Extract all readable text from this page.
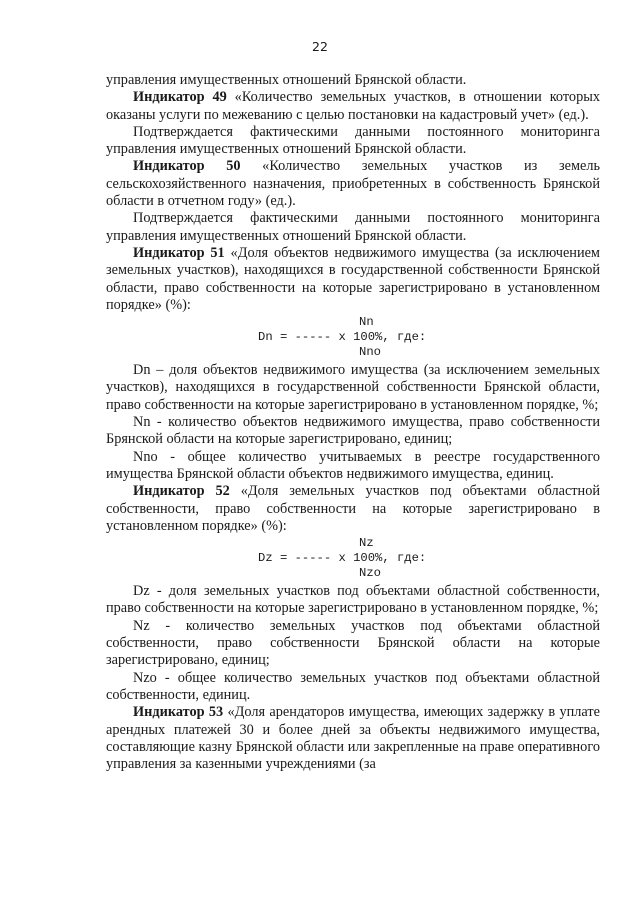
22

управления имущественных отношений Брянской области.

Индикатор 49 «Количество земельных участков, в отношении которых оказаны услуги по межеванию с целью постановки на кадастровый учет» (ед.).

Подтверждается фактическими данными постоянного мониторинга управления имущественных отношений Брянской области.

Индикатор 50 «Количество земельных участков из земель сельскохозяйственного назначения, приобретенных в собственность Брянской области в отчетном году» (ед.).

Подтверждается фактическими данными постоянного мониторинга управления имущественных отношений Брянской области.

Индикатор 51 «Доля объектов недвижимого имущества (за исключением земельных участков), находящихся в государственной собственности Брянской области, право собственности на которые зарегистрировано в установленном порядке» (%):

Nn
Dn = ----- x 100%, где:
Nno

Dn – доля объектов недвижимого имущества (за исключением земельных участков), находящихся в государственной собственности Брянской области, право собственности на которые зарегистрировано в установленном порядке, %;

Nn - количество объектов недвижимого имущества, право собственности Брянской области на которые зарегистрировано, единиц;

Nno - общее количество учитываемых в реестре государственного имущества Брянской области объектов недвижимого имущества, единиц.

Индикатор 52 «Доля земельных участков под объектами областной собственности, право собственности на которые зарегистрировано в установленном порядке» (%):

Nz
Dz = ----- x 100%, где:
Nzo

Dz - доля земельных участков под объектами областной собственности, право собственности на которые зарегистрировано в установленном порядке, %;

Nz - количество земельных участков под объектами областной собственности, право собственности Брянской области на которые зарегистрировано, единиц;

Nzo - общее количество земельных участков под объектами областной собственности, единиц.

Индикатор 53 «Доля арендаторов имущества, имеющих задержку в уплате арендных платежей 30 и более дней за объекты недвижимого имущества, составляющие казну Брянской области или закрепленные на праве оперативного управления за казенными учреждениями (за
